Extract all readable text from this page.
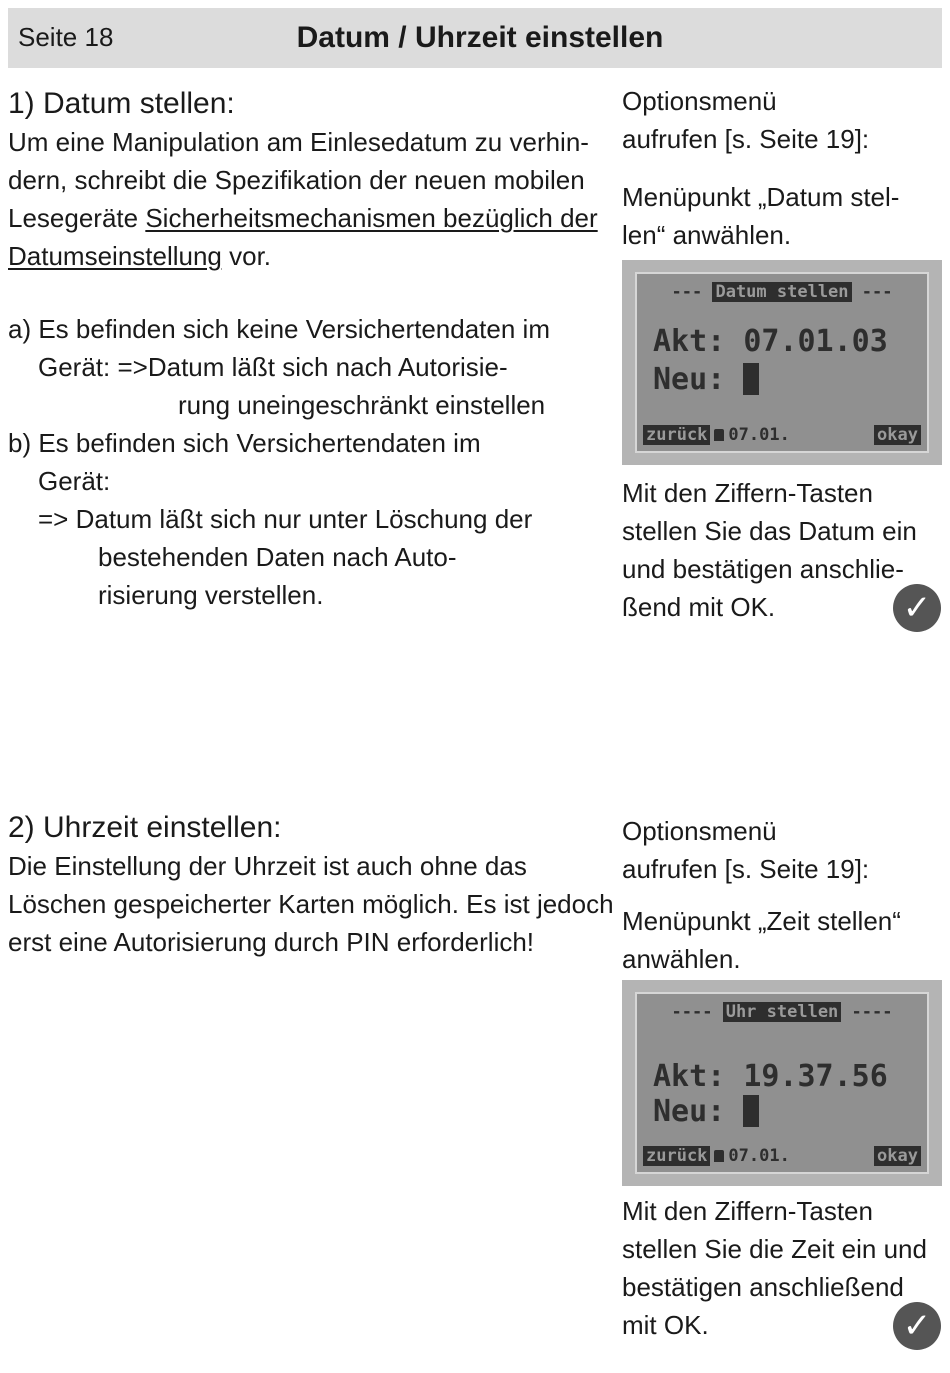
Seite 18	Datum / Uhrzeit einstellen
1) Datum stellen:
Um eine Manipulation am Einlesedatum zu verhin-
dern, schreibt die Spezifikation der neuen mobilen
Lesegeräte Sicherheitsmechanismen bezüglich der
Datumseinstellung vor.
a) Es befinden sich keine Versichertendaten im
Gerät: =>Datum läßt sich nach Autorisie-
rung uneingeschränkt einstellen
b) Es befinden sich Versichertendaten im
Gerät:
=> Datum läßt sich nur unter Löschung der
bestehenden Daten nach Auto-
risierung verstellen.
Optionsmenü
aufrufen [s. Seite 19]:
Menüpunkt „Datum stel-
len“ anwählen.
--- Datum stellen ---
Akt: 07.01.03
Neu:
zurück 07.01.	okay
Mit den Ziffern-Tasten
stellen Sie das Datum ein
und bestätigen anschlie-
ßend mit OK.	✓
2) Uhrzeit einstellen:
Die Einstellung der Uhrzeit ist auch ohne das
Löschen gespeicherter Karten möglich. Es ist jedoch
erst eine Autorisierung durch PIN erforderlich!
Optionsmenü
aufrufen [s. Seite 19]:
Menüpunkt „Zeit stellen“
anwählen.
---- Uhr stellen ----
Akt: 19.37.56
Neu:
zurück 07.01.	okay
Mit den Ziffern-Tasten
stellen Sie die Zeit ein und
bestätigen anschließend
mit OK.	✓
